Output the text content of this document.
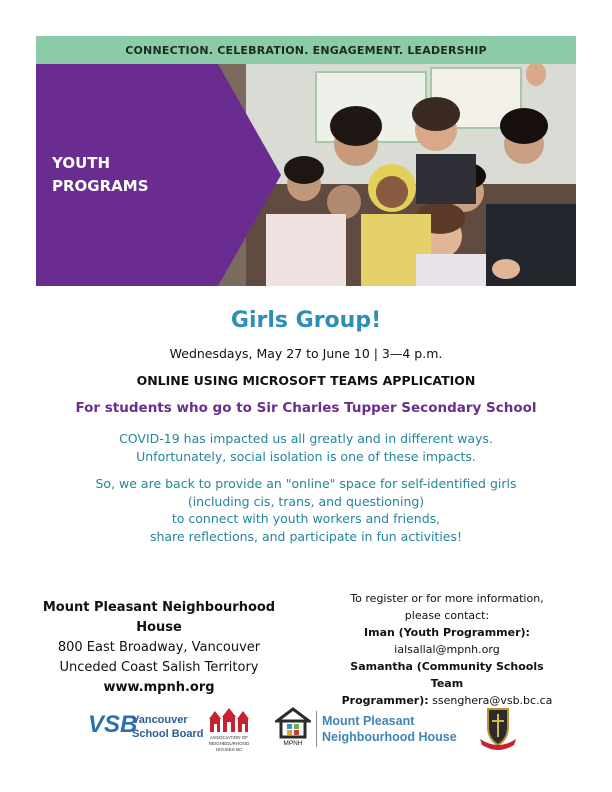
CONNECTION. CELEBRATION. ENGAGEMENT. LEADERSHIP
YOUTH
PROGRAMS
Girls Group!
Wednesdays, May 27 to June 10 | 3—4 p.m.
ONLINE USING MICROSOFT TEAMS APPLICATION
For students who go to Sir Charles Tupper Secondary School
COVID-19 has impacted us all greatly and in different ways.
Unfortunately, social isolation is one of these impacts.
So, we are back to provide an "online" space for self-identified girls
(including cis, trans, and questioning)
to connect with youth workers and friends,
share reflections, and participate in fun activities!
Mount Pleasant Neighbourhood House
800 East Broadway, Vancouver
Unceded Coast Salish Territory
www.mpnh.org
To register or for more information,
please contact:
Iman (Youth Programmer):
ialsallal@mpnh.org
Samantha (Community Schools Team
Programmer): ssenghera@vsb.bc.ca
VSB
Vancouver
School Board	ASSOCIATION OF
NEIGHBOURHOOD
HOUSES BC
MPNH
Mount Pleasant
Neighbourhood House
